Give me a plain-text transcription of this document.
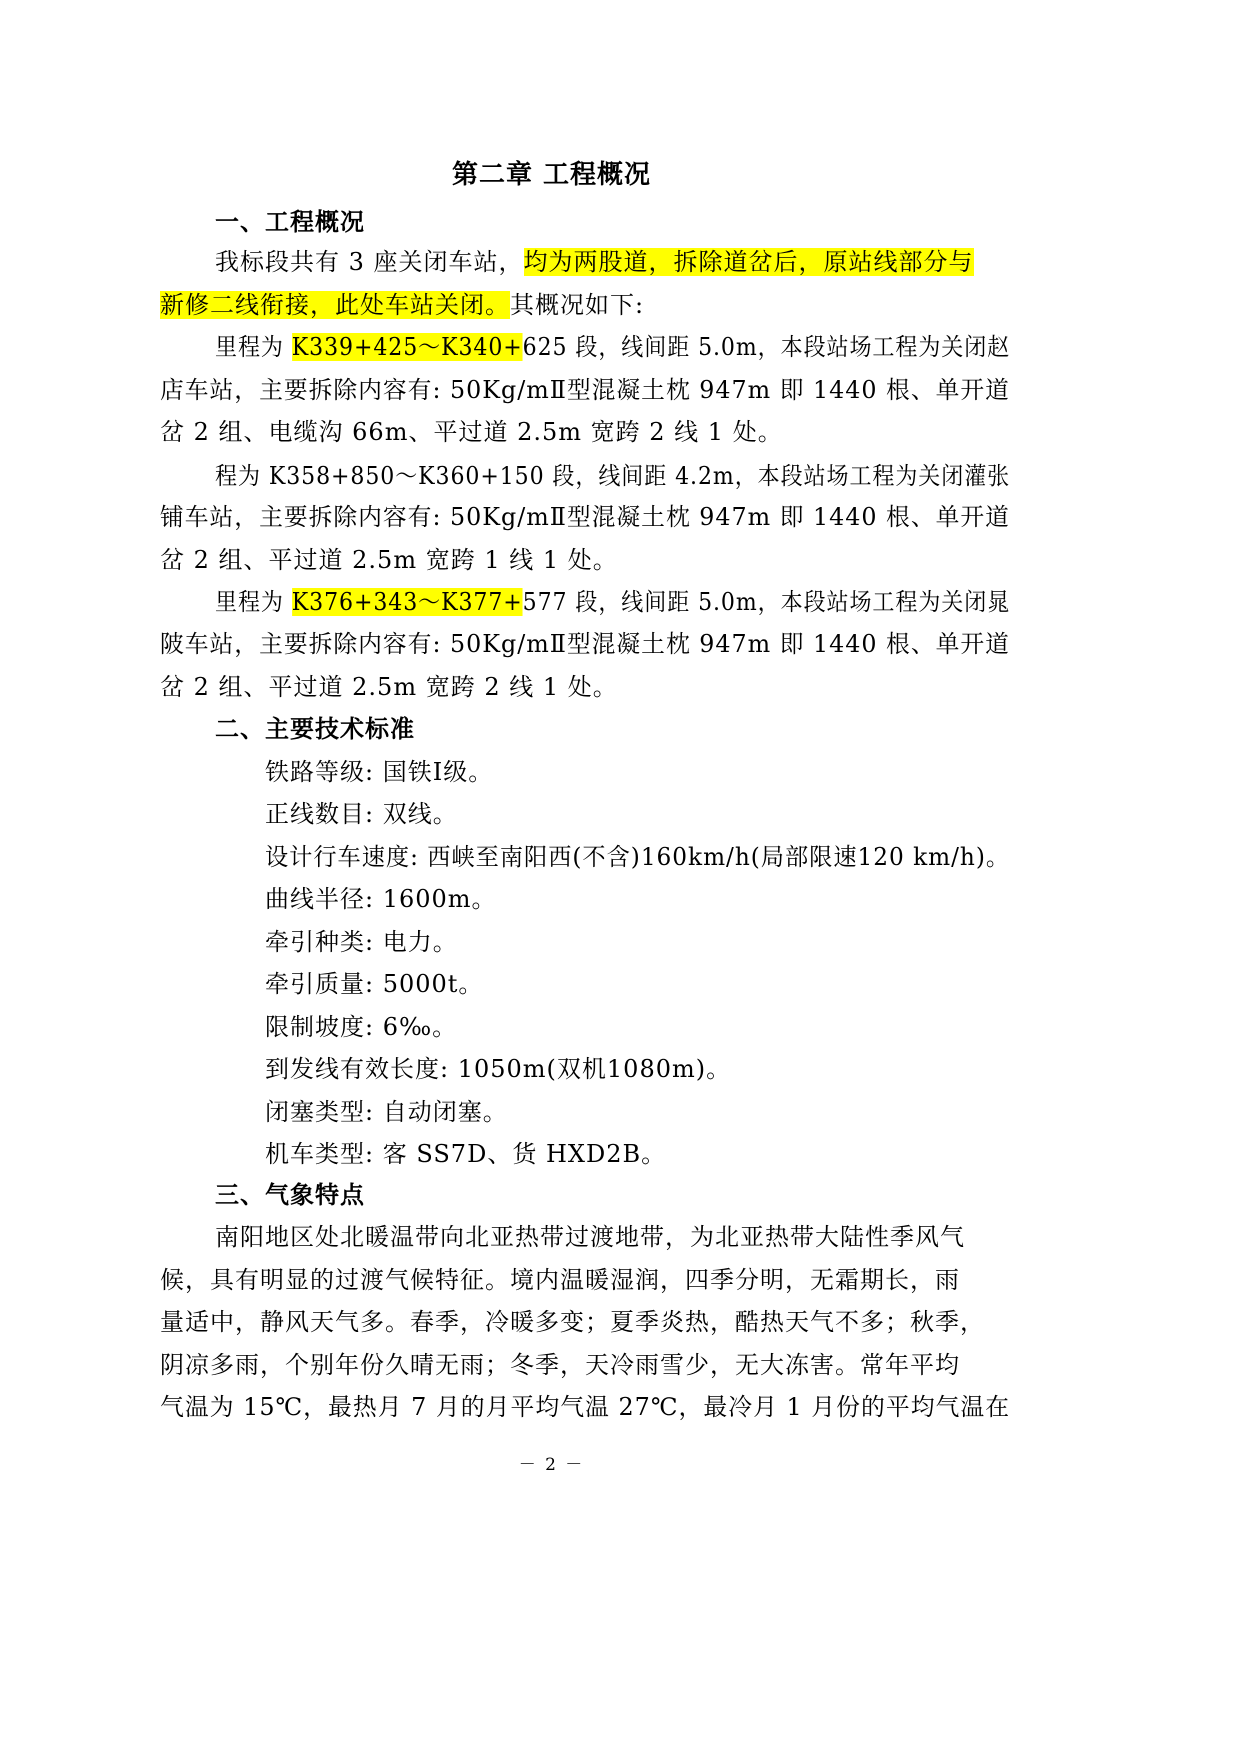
第二章 工程概况
一、工程概况
我标段共有 3 座关闭车站，均为两股道，拆除道岔后，原站线部分与
新修二线衔接，此处车站关闭。其概况如下:
里程为 K339+425～K340+625 段，线间距 5.0m，本段站场工程为关闭赵
店车站，主要拆除内容有: 50Kg/mⅡ型混凝土枕 947m 即 1440 根、单开道
岔 2 组、电缆沟 66m、平过道 2.5m 宽跨 2 线 1 处。
程为 K358+850～K360+150 段，线间距 4.2m，本段站场工程为关闭灌张
铺车站，主要拆除内容有: 50Kg/mⅡ型混凝土枕 947m 即 1440 根、单开道
岔 2 组、平过道 2.5m 宽跨 1 线 1 处。
里程为 K376+343～K377+577 段，线间距 5.0m，本段站场工程为关闭晁
陂车站，主要拆除内容有: 50Kg/mⅡ型混凝土枕 947m 即 1440 根、单开道
岔 2 组、平过道 2.5m 宽跨 2 线 1 处。
二、主要技术标准
铁路等级: 国铁Ⅰ级。
正线数目: 双线。
设计行车速度: 西峡至南阳西(不含)160km/h(局部限速120 km/h)。
曲线半径: 1600m。
牵引种类: 电力。
牵引质量: 5000t。
限制坡度: 6‰。
到发线有效长度: 1050m(双机1080m)。
闭塞类型: 自动闭塞。
机车类型: 客 SS7D、货 HXD2B。
三、气象特点
南阳地区处北暖温带向北亚热带过渡地带，为北亚热带大陆性季风气
候，具有明显的过渡气候特征。境内温暖湿润，四季分明，无霜期长，雨
量适中，静风天气多。春季，冷暖多变；夏季炎热，酷热天气不多；秋季，
阴凉多雨，个别年份久晴无雨；冬季，天冷雨雪少，无大冻害。常年平均
气温为 15℃，最热月 7 月的月平均气温 27℃，最冷月 1 月份的平均气温在
－ 2 －
